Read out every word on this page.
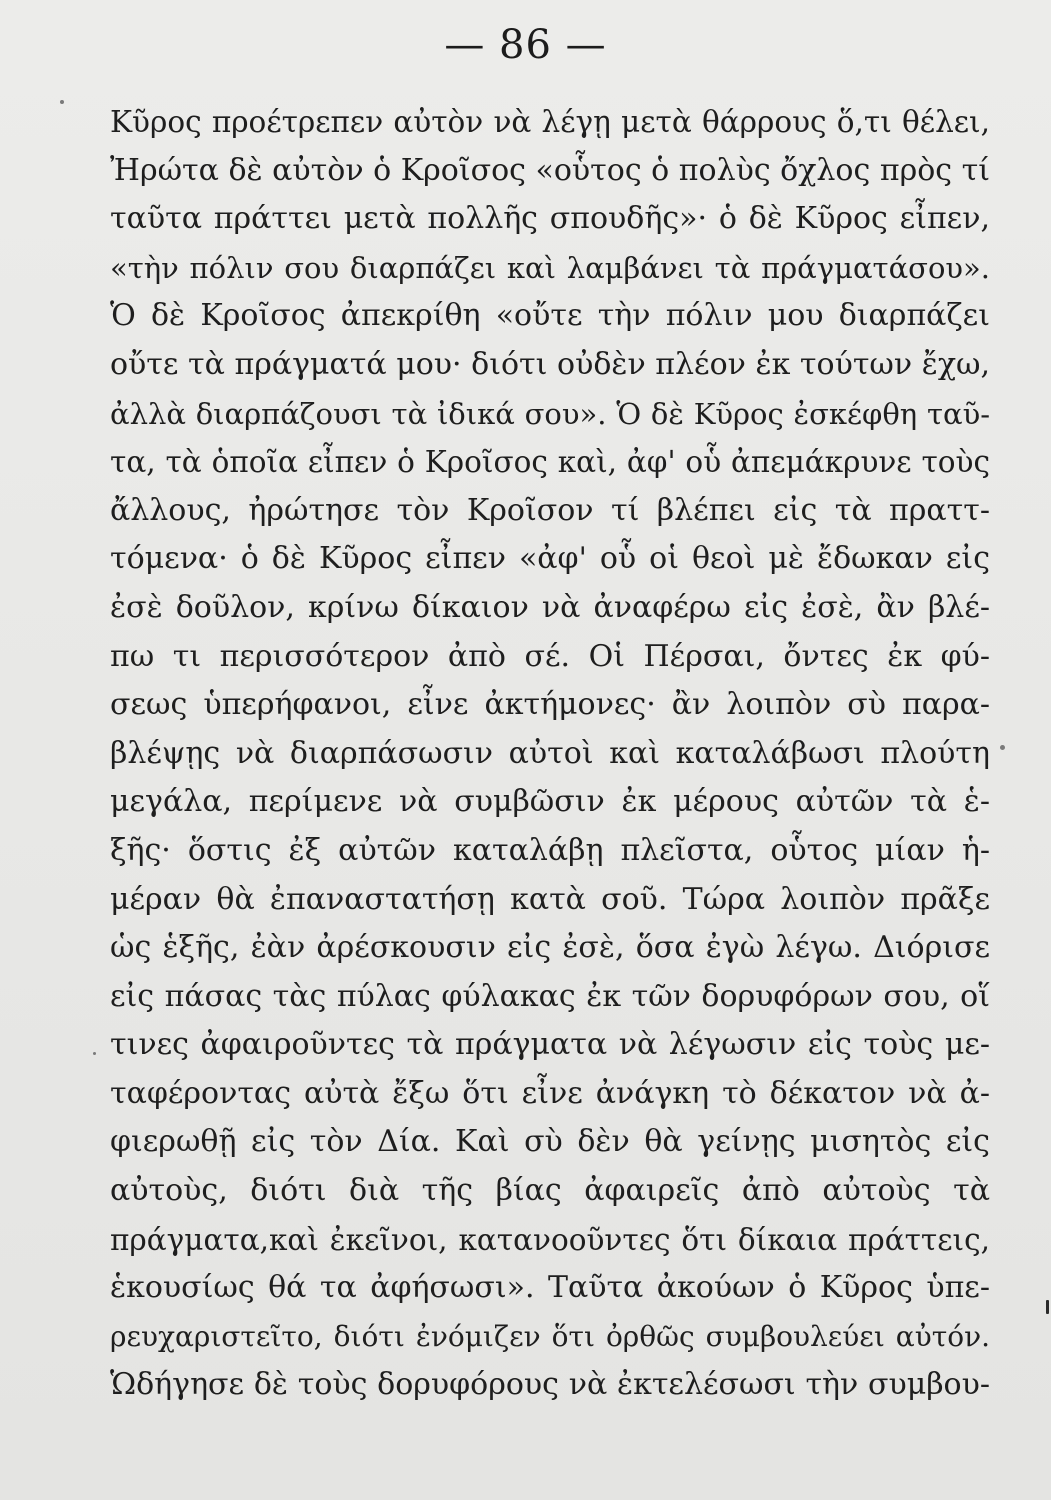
— 86 —
Κῦρος προέτρεπεν αὐτὸν νὰ λέγῃ μετὰ θάρρους ὅ,τι θέλει,
Ἠρώτα δὲ αὐτὸν ὁ Κροῖσος «οὗτος ὁ πολὺς ὄχλος πρὸς τί
ταῦτα πράττει μετὰ πολλῆς σπουδῆς»· ὁ δὲ Κῦρος εἶπεν,
«τὴν πόλιν σου διαρπάζει καὶ λαμβάνει τὰ πράγματάσου».
Ὁ δὲ Κροῖσος ἀπεκρίθη «οὔτε τὴν πόλιν μου διαρπάζει
οὔτε τὰ πράγματά μου· διότι οὐδὲν πλέον ἐκ τούτων ἔχω,
ἀλλὰ διαρπάζουσι τὰ ἰδικά σου». Ὁ δὲ Κῦρος ἐσκέφθη ταῦ-
τα, τὰ ὁποῖα εἶπεν ὁ Κροῖσος καὶ, ἀφ' οὗ ἀπεμάκρυνε τοὺς
ἄλλους, ἠρώτησε τὸν Κροῖσον τί βλέπει εἰς τὰ πραττ-
τόμενα· ὁ δὲ Κῦρος εἶπεν «ἀφ' οὗ οἱ θεοὶ μὲ ἔδωκαν εἰς
ἐσὲ δοῦλον, κρίνω δίκαιον νὰ ἀναφέρω εἰς ἐσὲ, ἂν βλέ-
πω τι περισσότερον ἀπὸ σέ. Οἱ Πέρσαι, ὄντες ἐκ φύ-
σεως ὑπερήφανοι, εἶνε ἀκτήμονες· ἂν λοιπὸν σὺ παρα-
βλέψῃς νὰ διαρπάσωσιν αὐτοὶ καὶ καταλάβωσι πλούτη
μεγάλα, περίμενε νὰ συμβῶσιν ἐκ μέρους αὐτῶν τὰ ἑ-
ξῆς· ὅστις ἐξ αὐτῶν καταλάβῃ πλεῖστα, οὗτος μίαν ἡ-
μέραν θὰ ἐπαναστατήσῃ κατὰ σοῦ. Τώρα λοιπὸν πρᾶξε
ὡς ἑξῆς, ἐὰν ἀρέσκουσιν εἰς ἐσὲ, ὅσα ἐγὼ λέγω. Διόρισε
εἰς πάσας τὰς πύλας φύλακας ἐκ τῶν δορυφόρων σου, οἵ
τινες ἀφαιροῦντες τὰ πράγματα νὰ λέγωσιν εἰς τοὺς με-
ταφέροντας αὐτὰ ἔξω ὅτι εἶνε ἀνάγκη τὸ δέκατον νὰ ἀ-
φιερωθῇ εἰς τὸν Δία. Καὶ σὺ δὲν θὰ γείνῃς μισητὸς εἰς
αὐτοὺς, διότι διὰ τῆς βίας ἀφαιρεῖς ἀπὸ αὐτοὺς τὰ
πράγματα,καὶ ἐκεῖνοι, κατανοοῦντες ὅτι δίκαια πράττεις,
ἑκουσίως θά τα ἀφήσωσι». Ταῦτα ἀκούων ὁ Κῦρος ὑπε-
ρευχαριστεῖτο, διότι ἐνόμιζεν ὅτι ὀρθῶς συμβουλεύει αὐτόν.
Ὡδήγησε δὲ τοὺς δορυφόρους νὰ ἐκτελέσωσι τὴν συμβου-
